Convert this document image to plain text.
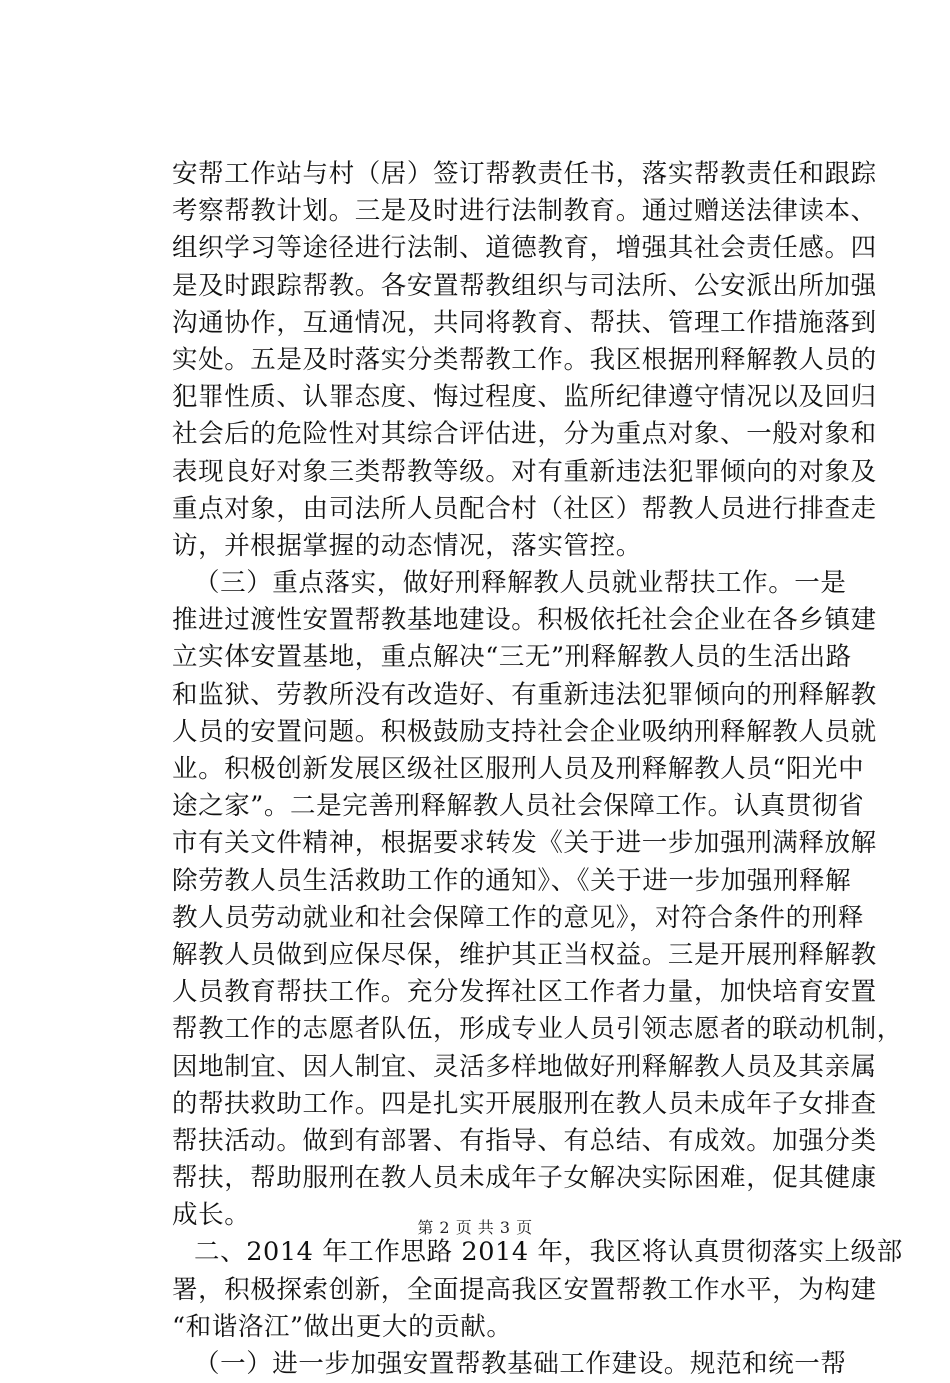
安帮工作站与村（居）签订帮教责任书，落实帮教责任和跟踪
考察帮教计划。三是及时进行法制教育。通过赠送法律读本、
组织学习等途径进行法制、道德教育，增强其社会责任感。四
是及时跟踪帮教。各安置帮教组织与司法所、公安派出所加强
沟通协作，互通情况，共同将教育、帮扶、管理工作措施落到
实处。五是及时落实分类帮教工作。我区根据刑释解教人员的
犯罪性质、认罪态度、悔过程度、监所纪律遵守情况以及回归
社会后的危险性对其综合评估进，分为重点对象、一般对象和
表现良好对象三类帮教等级。对有重新违法犯罪倾向的对象及
重点对象，由司法所人员配合村（社区）帮教人员进行排查走
访，并根据掌握的动态情况，落实管控。
（三）重点落实，做好刑释解教人员就业帮扶工作。一是
推进过渡性安置帮教基地建设。积极依托社会企业在各乡镇建
立实体安置基地，重点解决“三无”刑释解教人员的生活出路
和监狱、劳教所没有改造好、有重新违法犯罪倾向的刑释解教
人员的安置问题。积极鼓励支持社会企业吸纳刑释解教人员就
业。积极创新发展区级社区服刑人员及刑释解教人员“阳光中
途之家”。二是完善刑释解教人员社会保障工作。认真贯彻省
市有关文件精神，根据要求转发《关于进一步加强刑满释放解
除劳教人员生活救助工作的通知》、《关于进一步加强刑释解
教人员劳动就业和社会保障工作的意见》，对符合条件的刑释
解教人员做到应保尽保，维护其正当权益。三是开展刑释解教
人员教育帮扶工作。充分发挥社区工作者力量，加快培育安置
帮教工作的志愿者队伍，形成专业人员引领志愿者的联动机制，
因地制宜、因人制宜、灵活多样地做好刑释解教人员及其亲属
的帮扶救助工作。四是扎实开展服刑在教人员未成年子女排查
帮扶活动。做到有部署、有指导、有总结、有成效。加强分类
帮扶，帮助服刑在教人员未成年子女解决实际困难，促其健康
成长。
二、2014 年工作思路 2014 年，我区将认真贯彻落实上级部
署，积极探索创新，全面提高我区安置帮教工作水平，为构建
“和谐洛江”做出更大的贡献。
（一）进一步加强安置帮教基础工作建设。规范和统一帮
第 2 页 共 3 页
